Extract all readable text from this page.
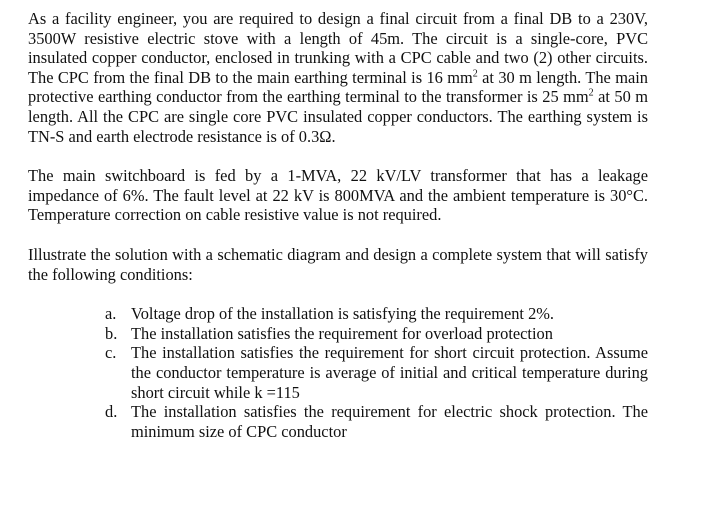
As a facility engineer, you are required to design a final circuit from a final DB to a 230V, 3500W resistive electric stove with a length of 45m. The circuit is a single-core, PVC insulated copper conductor, enclosed in trunking with a CPC cable and two (2) other circuits. The CPC from the final DB to the main earthing terminal is 16 $mm^2$ at 30 m length. The main protective earthing conductor from the earthing terminal to the transformer is 25 $mm^2$ at 50 m length. All the CPC are single core PVC insulated copper conductors. The earthing system is TN-S and earth electrode resistance is of 0.3Ω.

The main switchboard is fed by a 1-MVA, 22 kV/LV transformer that has a leakage impedance of 6%. The fault level at 22 kV is 800MVA and the ambient temperature is 30°C. Temperature correction on cable resistive value is not required.

Illustrate the solution with a schematic diagram and design a complete system that will satisfy the following conditions:

a. Voltage drop of the installation is satisfying the requirement 2%.
b. The installation satisfies the requirement for overload protection
c. The installation satisfies the requirement for short circuit protection. Assume the conductor temperature is average of initial and critical temperature during short circuit while k =115
d. The installation satisfies the requirement for electric shock protection. The minimum size of CPC conductor
